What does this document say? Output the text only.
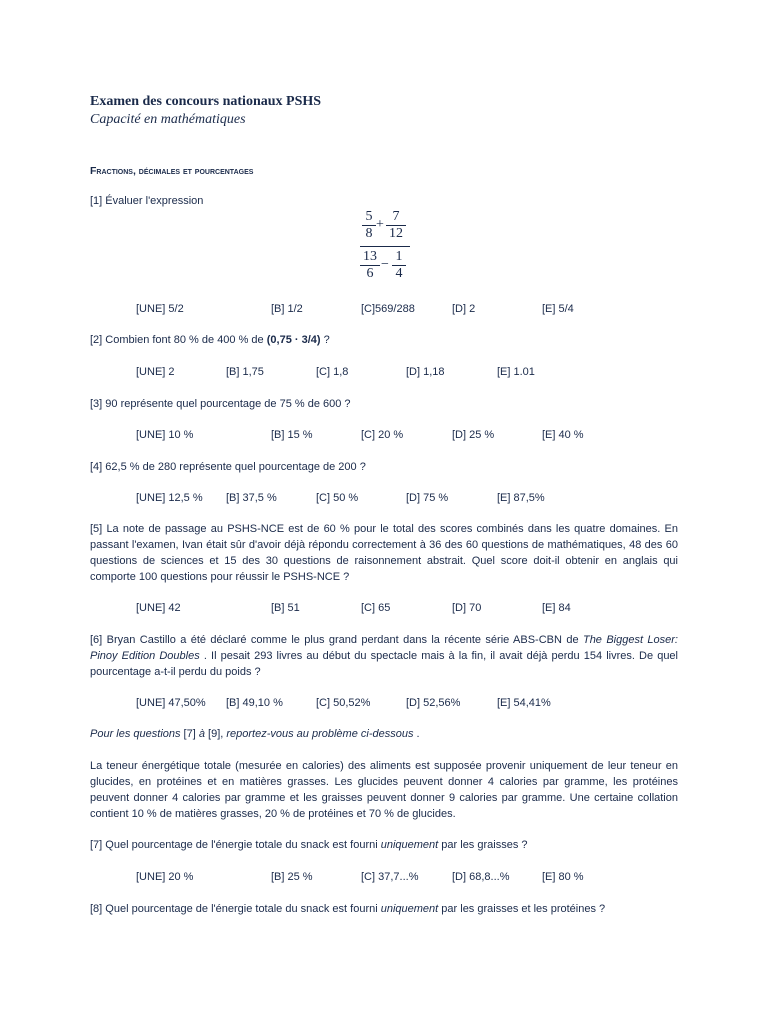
Examen des concours nationaux PSHS
Capacité en mathématiques
Fractions, décimales et pourcentages
[1] Évaluer l'expression
5
8
+
7
12
13
6
−
1
4
[UNE] 5/2	[B] 1/2	[C]569/288	[D] 2	[E] 5/4
[2] Combien font 80 % de 400 % de (0,75 · 3/4) ?
[UNE] 2	[B] 1,75	[C] 1,8	[D] 1,18	[E] 1.01
[3] 90 représente quel pourcentage de 75 % de 600 ?
[UNE] 10 %	[B] 15 %	[C] 20 %	[D] 25 %	[E] 40 %
[4] 62,5 % de 280 représente quel pourcentage de 200 ?
[UNE] 12,5 % [B] 37,5 %	[C] 50 %	[D] 75 %	[E] 87,5%
[5] La note de passage au PSHS-NCE est de 60 % pour le total des scores combinés dans les quatre domaines. En passant l'examen, Ivan était sûr d'avoir déjà répondu correctement à 36 des 60 questions de mathématiques, 48 des 60 questions de sciences et 15 des 30 questions de raisonnement abstrait. Quel score doit-il obtenir en anglais qui comporte 100 questions pour réussir le PSHS-NCE ?
[UNE] 42	[B] 51	[C] 65	[D] 70	[E] 84
[6] Bryan Castillo a été déclaré comme le plus grand perdant dans la récente série ABS-CBN de The Biggest Loser: Pinoy Edition Doubles . Il pesait 293 livres au début du spectacle mais à la fin, il avait déjà perdu 154 livres. De quel pourcentage a-t-il perdu du poids ?
[UNE] 47,50% [B] 49,10 %	[C] 50,52%	[D] 52,56%	[E] 54,41%
Pour les questions [7] à [9], reportez-vous au problème ci-dessous .
La teneur énergétique totale (mesurée en calories) des aliments est supposée provenir uniquement de leur teneur en glucides, en protéines et en matières grasses. Les glucides peuvent donner 4 calories par gramme, les protéines peuvent donner 4 calories par gramme et les graisses peuvent donner 9 calories par gramme. Une certaine collation contient 10 % de matières grasses, 20 % de protéines et 70 % de glucides.
[7] Quel pourcentage de l'énergie totale du snack est fourni uniquement par les graisses ?
[UNE] 20 %	[B] 25 %	[C] 37,7...%	[D] 68,8...%	[E] 80 %
[8] Quel pourcentage de l'énergie totale du snack est fourni uniquement par les graisses et les protéines ?
